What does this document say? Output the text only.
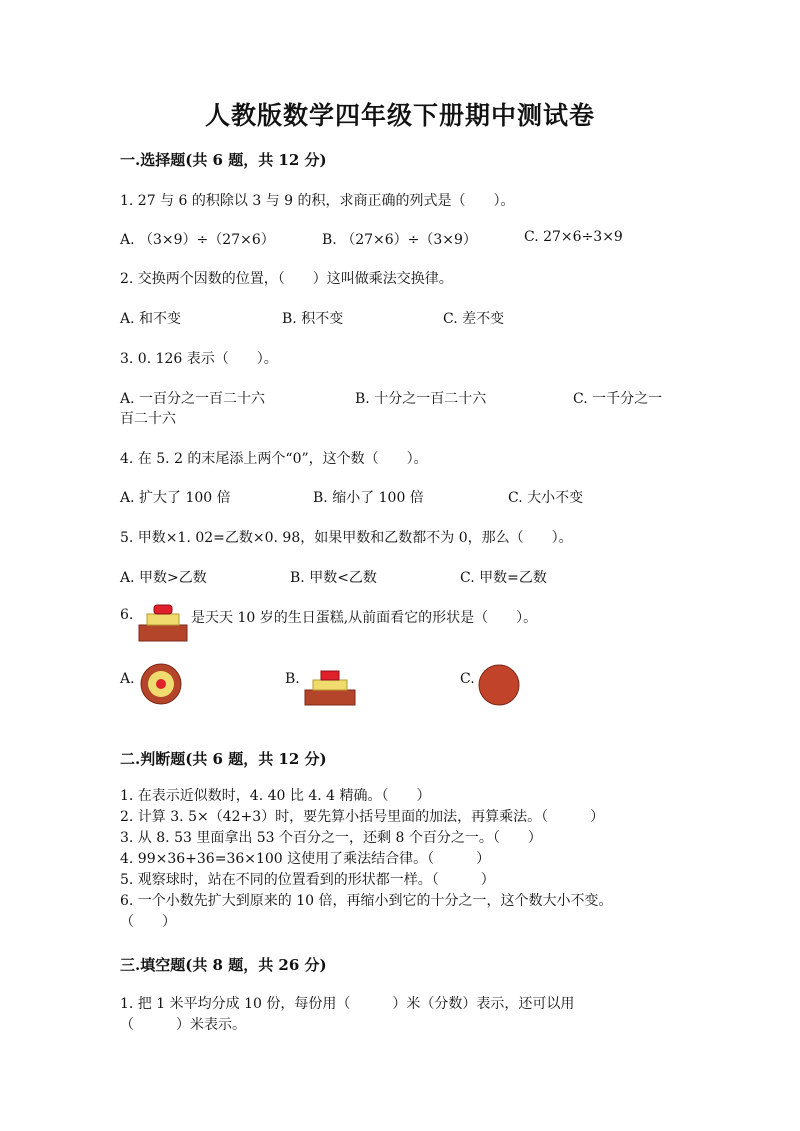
人教版数学四年级下册期中测试卷
一.选择题(共 6 题，共 12 分)
1. 27 与 6 的积除以 3 与 9 的积，求商正确的列式是（　　）。
A. （3×9）÷（27×6）	B. （27×6）÷（3×9）	C. 27×6÷3×9
2. 交换两个因数的位置，（　　）这叫做乘法交换律。
A. 和不变	B. 积不变	C. 差不变
3. 0. 126 表示（　　）。
A. 一百分之一百二十六	B. 十分之一百二十六	C. 一千分之一
百二十六
4. 在 5. 2 的末尾添上两个“0”，这个数（　　）。
A. 扩大了 100 倍	B. 缩小了 100 倍	C. 大小不变
5. 甲数×1. 02=乙数×0. 98，如果甲数和乙数都不为 0，那么（　　）。
A. 甲数>乙数	B. 甲数<乙数	C. 甲数=乙数
6.	是天天 10 岁的生日蛋糕,从前面看它的形状是（　　）。
A.	B.	C.
二.判断题(共 6 题，共 12 分)
1. 在表示近似数时，4. 40 比 4. 4 精确。（　　）
2. 计算 3. 5×（42+3）时，要先算小括号里面的加法，再算乘法。（　　　）
3. 从 8. 53 里面拿出 53 个百分之一，还剩 8 个百分之一。（　　）
4. 99×36+36=36×100 这使用了乘法结合律。（　　　）
5. 观察球时，站在不同的位置看到的形状都一样。（　　　）
6. 一个小数先扩大到原来的 10 倍，再缩小到它的十分之一，这个数大小不变。
（　　）
三.填空题(共 8 题，共 26 分)
1. 把 1 米平均分成 10 份，每份用（　　　）米（分数）表示，还可以用
（　　　）米表示。
